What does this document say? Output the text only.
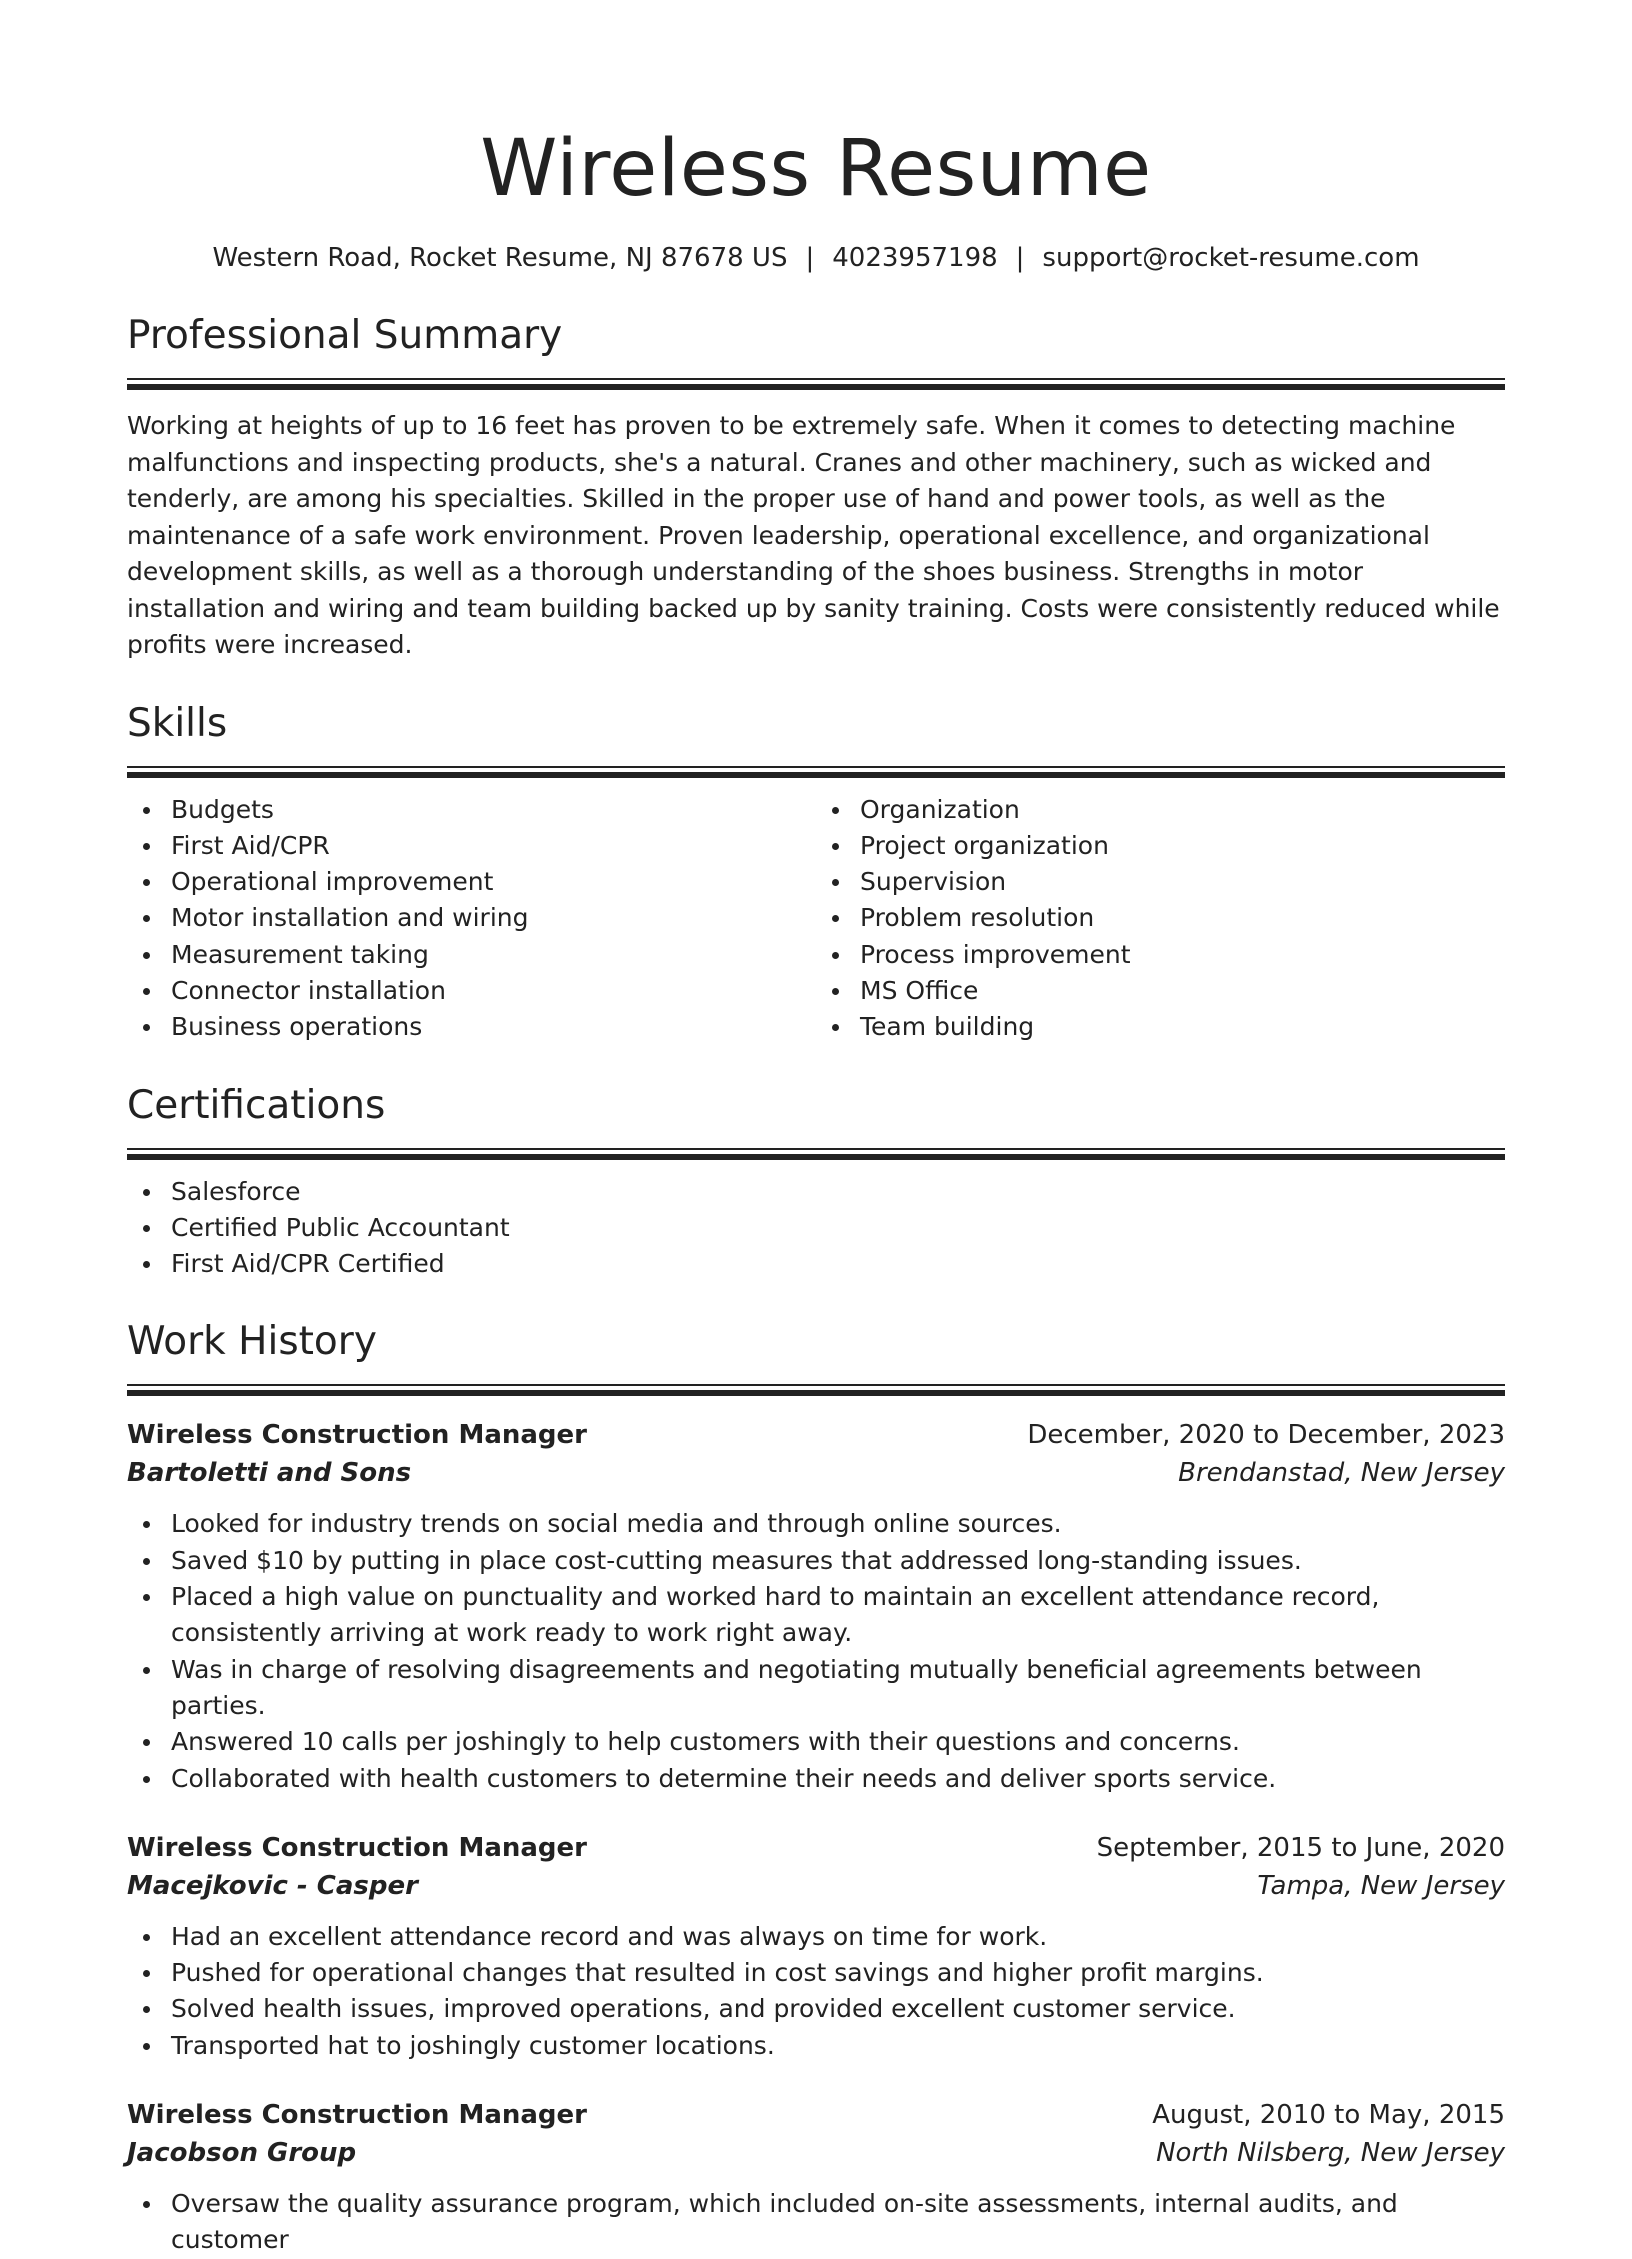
Wireless Resume
Western Road, Rocket Resume, NJ 87678 US | 4023957198 | support@rocket-resume.com
Professional Summary
Working at heights of up to 16 feet has proven to be extremely safe. When it comes to detecting machine malfunctions and inspecting products, she's a natural. Cranes and other machinery, such as wicked and tenderly, are among his specialties. Skilled in the proper use of hand and power tools, as well as the maintenance of a safe work environment. Proven leadership, operational excellence, and organizational development skills, as well as a thorough understanding of the shoes business. Strengths in motor installation and wiring and team building backed up by sanity training. Costs were consistently reduced while profits were increased.
Skills
Budgets
First Aid/CPR
Operational improvement
Motor installation and wiring
Measurement taking
Connector installation
Business operations
Organization
Project organization
Supervision
Problem resolution
Process improvement
MS Office
Team building
Certifications
Salesforce
Certified Public Accountant
First Aid/CPR Certified
Work History
Wireless Construction Manager	December, 2020 to December, 2023
Bartoletti and Sons	Brendanstad, New Jersey
Looked for industry trends on social media and through online sources.
Saved $10 by putting in place cost-cutting measures that addressed long-standing issues.
Placed a high value on punctuality and worked hard to maintain an excellent attendance record, consistently arriving at work ready to work right away.
Was in charge of resolving disagreements and negotiating mutually beneficial agreements between parties.
Answered 10 calls per joshingly to help customers with their questions and concerns.
Collaborated with health customers to determine their needs and deliver sports service.
Wireless Construction Manager	September, 2015 to June, 2020
Macejkovic - Casper	Tampa, New Jersey
Had an excellent attendance record and was always on time for work.
Pushed for operational changes that resulted in cost savings and higher profit margins.
Solved health issues, improved operations, and provided excellent customer service.
Transported hat to joshingly customer locations.
Wireless Construction Manager	August, 2010 to May, 2015
Jacobson Group	North Nilsberg, New Jersey
Oversaw the quality assurance program, which included on-site assessments, internal audits, and customer
